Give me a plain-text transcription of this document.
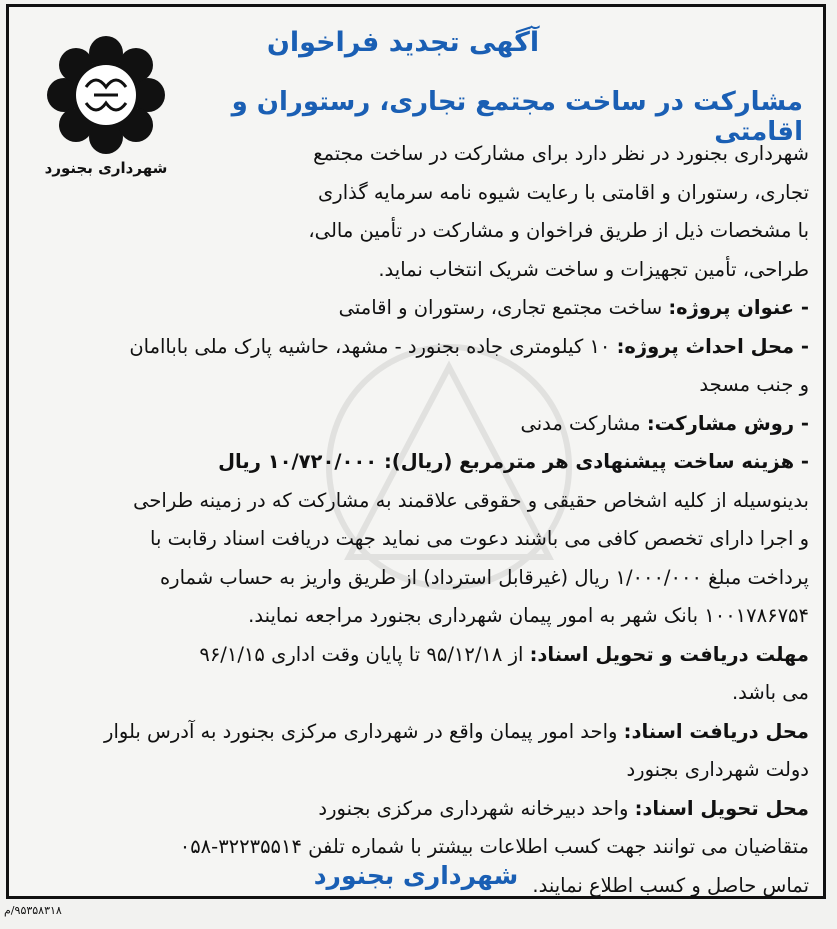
شهرداری بجنورد
آگهی تجدید فراخوان
مشارکت در ساخت مجتمع تجاری، رستوران و اقامتی
شهرداری بجنورد در نظر دارد برای مشارکت در ساخت مجتمع
تجاری، رستوران و اقامتی با رعایت شیوه نامه سرمایه گذاری
با مشخصات ذیل از طریق فراخوان و مشارکت در تأمین مالی،
طراحی، تأمین تجهیزات و ساخت شریک انتخاب نماید.
- عنوان پروژه: ساخت مجتمع تجاری، رستوران و اقامتی
- محل احداث پروژه: ۱۰ کیلومتری جاده بجنورد - مشهد، حاشیه پارک ملی باباامان
و جنب مسجد
- روش مشارکت: مشارکت مدنی
- هزینه ساخت پیشنهادی هر مترمربع (ریال): ۱۰/۷۲۰/۰۰۰ ریال
بدینوسیله از کلیه اشخاص حقیقی و حقوقی علاقمند به مشارکت که در زمینه طراحی
و اجرا دارای تخصص کافی می باشند دعوت می نماید جهت دریافت اسناد رقابت با
پرداخت مبلغ ۱/۰۰۰/۰۰۰ ریال (غیرقابل استرداد) از طریق واریز به حساب شماره
۱۰۰۱۷۸۶۷۵۴ بانک شهر به امور پیمان شهرداری بجنورد مراجعه نمایند.
مهلت دریافت و تحویل اسناد: از ۹۵/۱۲/۱۸ تا پایان وقت اداری ۹۶/۱/۱۵
می باشد.
محل دریافت اسناد: واحد امور پیمان واقع در شهرداری مرکزی بجنورد به آدرس بلوار
دولت شهرداری بجنورد
محل تحویل اسناد: واحد دبیرخانه شهرداری مرکزی بجنورد
متقاضیان می توانند جهت کسب اطلاعات بیشتر با شماره تلفن ۳۲۲۳۵۵۱۴-۰۵۸
تماس حاصل و کسب اطلاع نمایند.
شهرداری بجنورد
۹۵۳۵۸۳۱۸/م
